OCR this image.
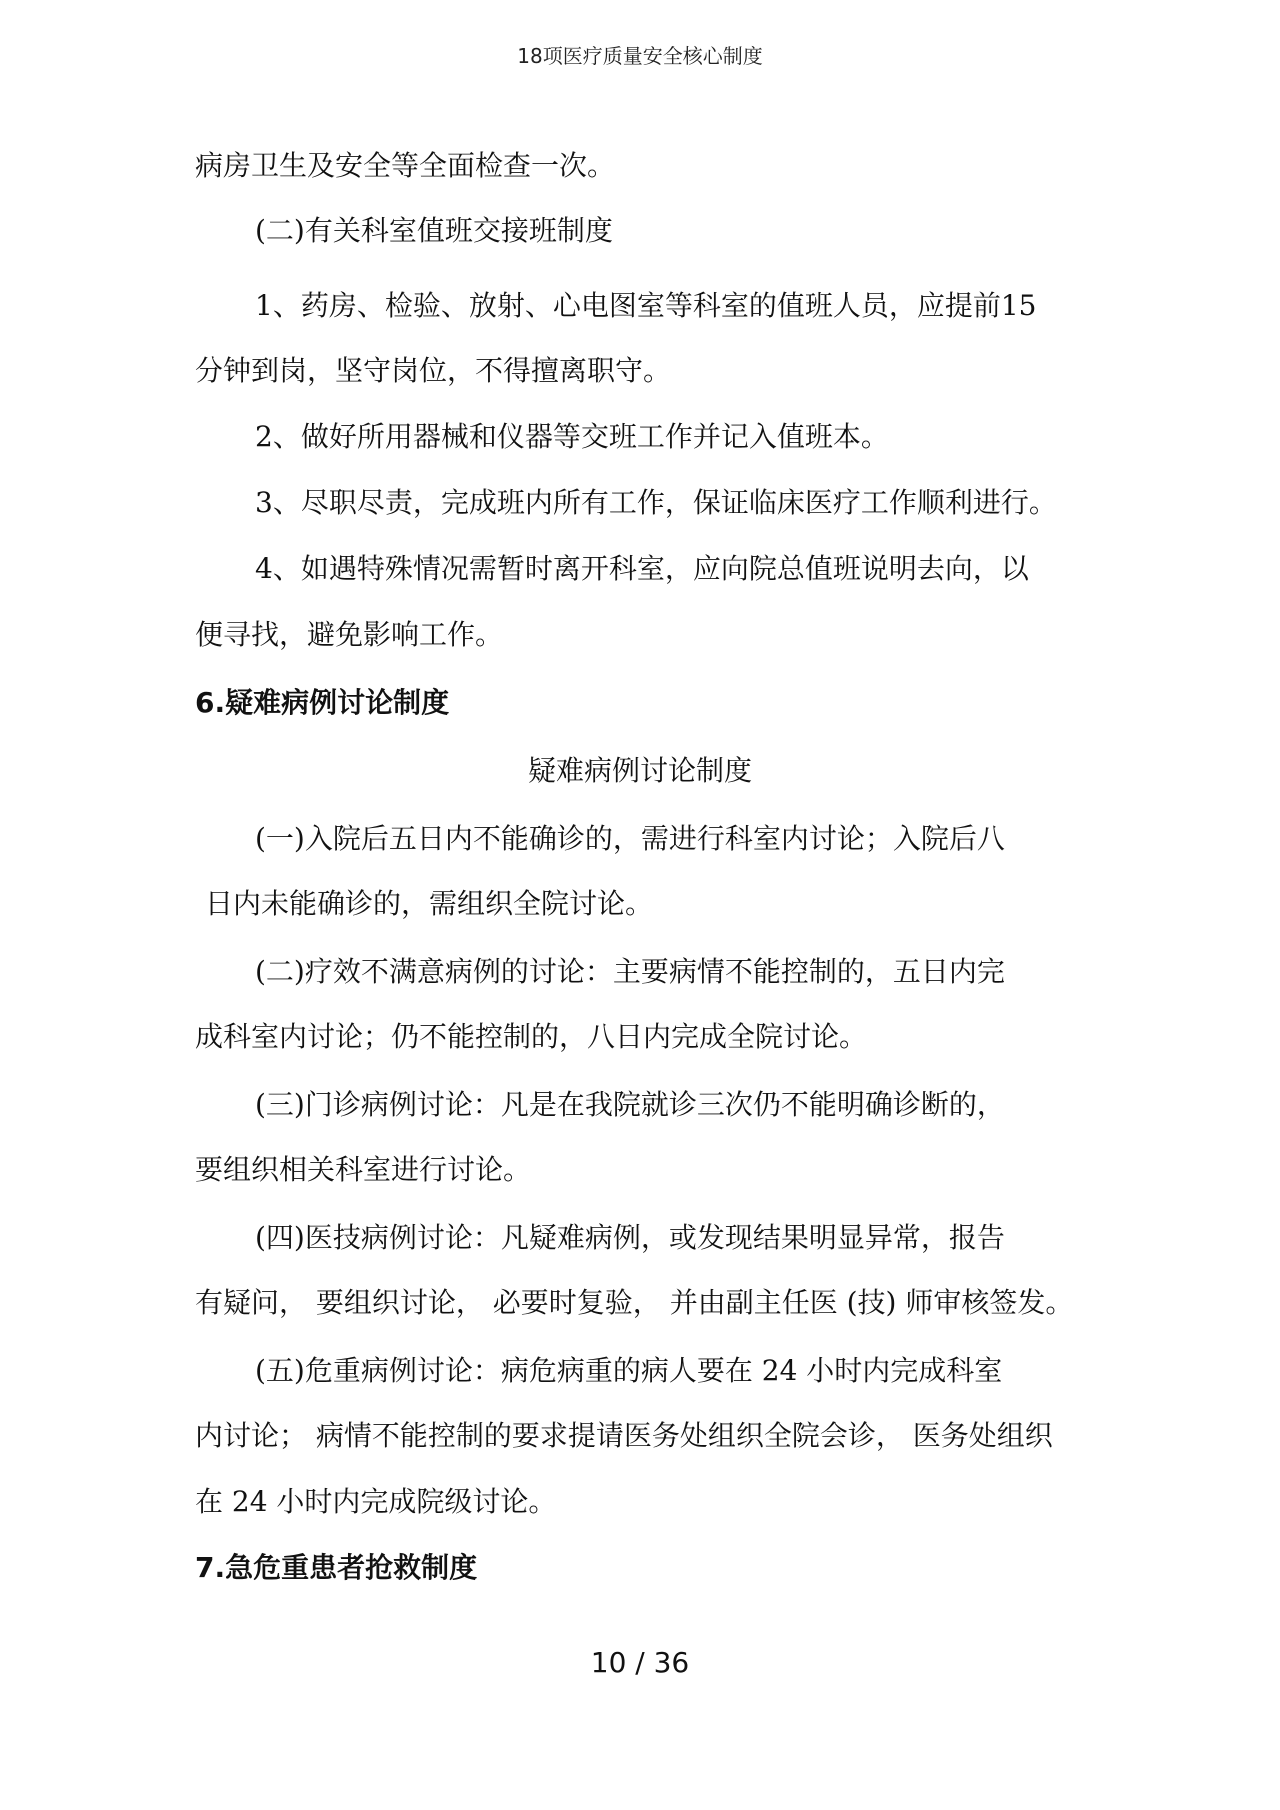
18项医疗质量安全核心制度
病房卫生及安全等全面检查一次。
(二)有关科室值班交接班制度
1、药房、检验、放射、心电图室等科室的值班人员，应提前15
分钟到岗，坚守岗位，不得擅离职守。
2、做好所用器械和仪器等交班工作并记入值班本。
3、尽职尽责，完成班内所有工作，保证临床医疗工作顺利进行。
4、如遇特殊情况需暂时离开科室，应向院总值班说明去向，以
便寻找，避免影响工作。
6.疑难病例讨论制度
疑难病例讨论制度
(一)入院后五日内不能确诊的，需进行科室内讨论；入院后八
日内未能确诊的，需组织全院讨论。
(二)疗效不满意病例的讨论：主要病情不能控制的，五日内完
成科室内讨论；仍不能控制的，八日内完成全院讨论。
(三)门诊病例讨论：凡是在我院就诊三次仍不能明确诊断的，
要组织相关科室进行讨论。
(四)医技病例讨论：凡疑难病例，或发现结果明显异常，报告
有疑问， 要组织讨论， 必要时复验， 并由副主任医 (技) 师审核签发。
(五)危重病例讨论：病危病重的病人要在 24 小时内完成科室
内讨论； 病情不能控制的要求提请医务处组织全院会诊， 医务处组织
在 24 小时内完成院级讨论。
7.急危重患者抢救制度
10 / 36
